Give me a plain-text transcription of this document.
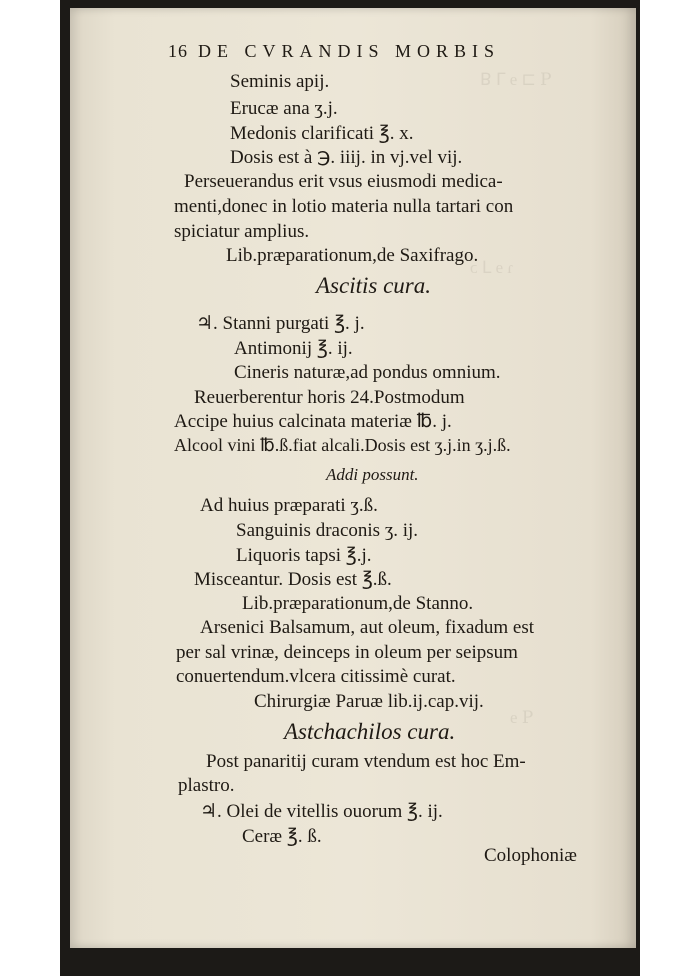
ꟼ ⊐ ɘ ⅂ ꓭ
ɿ ɘ ⅃ ɔ
ꟼ ɘ
16 DE CVRANDIS MORBIS
Seminis apij.
Erucæ ana ʒ.j.
Medonis clarificati ℥. x.
Dosis est à ℈. iiij. in vj.vel vij.
Perseuerandus erit vsus eiusmodi medica-
menti,donec in lotio materia nulla tartari con
spiciatur amplius.
Lib.præparationum,de Saxifrago.
Ascitis cura.
♃. Stanni purgati ℥. j.
Antimonij ℥. ij.
Cineris naturæ,ad pondus omnium.
Reuerberentur horis 24.Postmodum
Accipe huius calcinata materiæ ℔. j.
Alcool vini ℔.ß.fiat alcali.Dosis est ʒ.j.in ʒ.j.ß.
Addi possunt.
Ad huius præparati ʒ.ß.
Sanguinis draconis ʒ. ij.
Liquoris tapsi ℥.j.
Misceantur. Dosis est ℥.ß.
Lib.præparationum,de Stanno.
Arsenici Balsamum, aut oleum, fixadum est
per sal vrinæ, deinceps in oleum per seipsum
conuertendum.vlcera citissimè curat.
Chirurgiæ Paruæ lib.ij.cap.vij.
Astchachilos cura.
Post panaritij curam vtendum est hoc Em-
plastro.
♃. Olei de vitellis ouorum ℥. ij.
Ceræ ℥. ß.
Colophoniæ
